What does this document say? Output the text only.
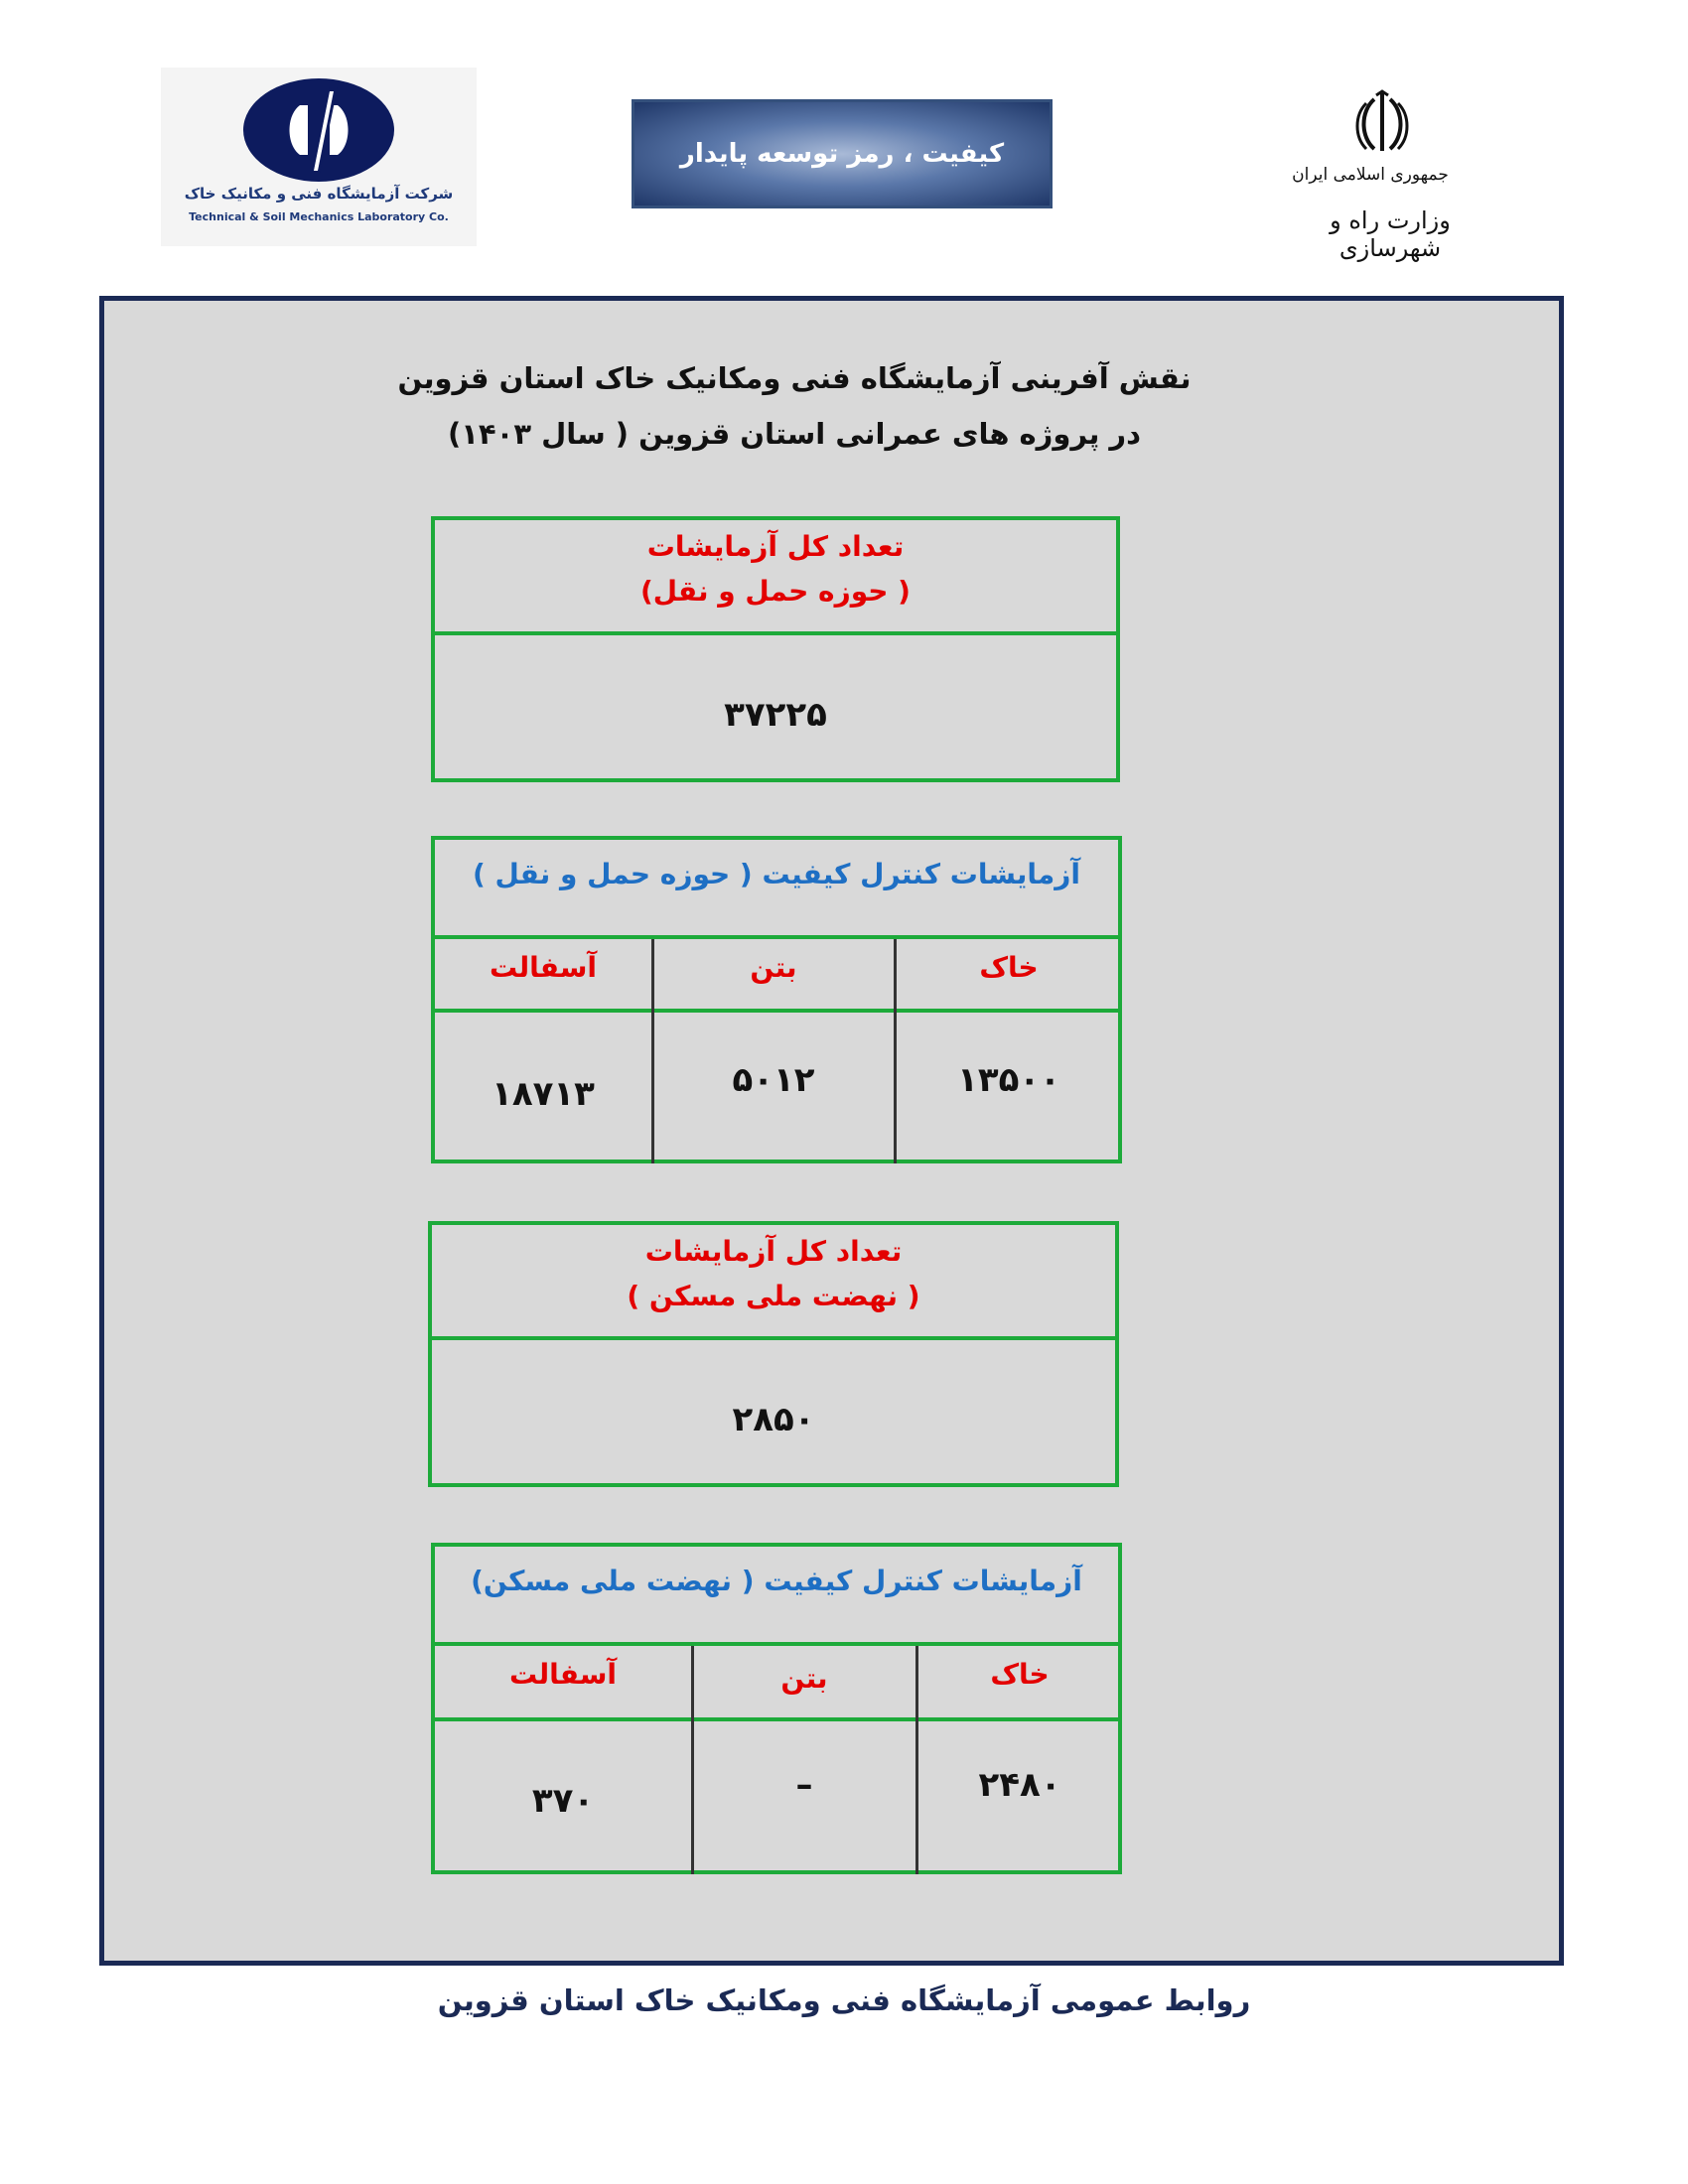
شرکت آزمایشگاه فنی و مکانیک خاک
Technical & Soil Mechanics Laboratory Co.
کیفیت ، رمز توسعه پایدار
جمهوری اسلامی ایران
وزارت راه و شهرسازی
نقش آفرینی آزمایشگاه فنی ومکانیک خاک استان قزوین
در پروژه های عمرانی استان قزوین ( سال ۱۴۰۳)
تعداد کل آزمایشات
( حوزه حمل و نقل)
۳۷۲۲۵
آزمایشات کنترل کیفیت ( حوزه حمل و نقل )
خاک
بتن
آسفالت
۱۳۵۰۰
۵۰۱۲
۱۸۷۱۳
تعداد کل آزمایشات
( نهضت ملی مسکن )
۲۸۵۰
آزمایشات کنترل کیفیت ( نهضت ملی مسکن)
خاک
بتن
آسفالت
۲۴۸۰
–
۳۷۰
روابط عمومی آزمایشگاه فنی ومکانیک خاک استان قزوین
